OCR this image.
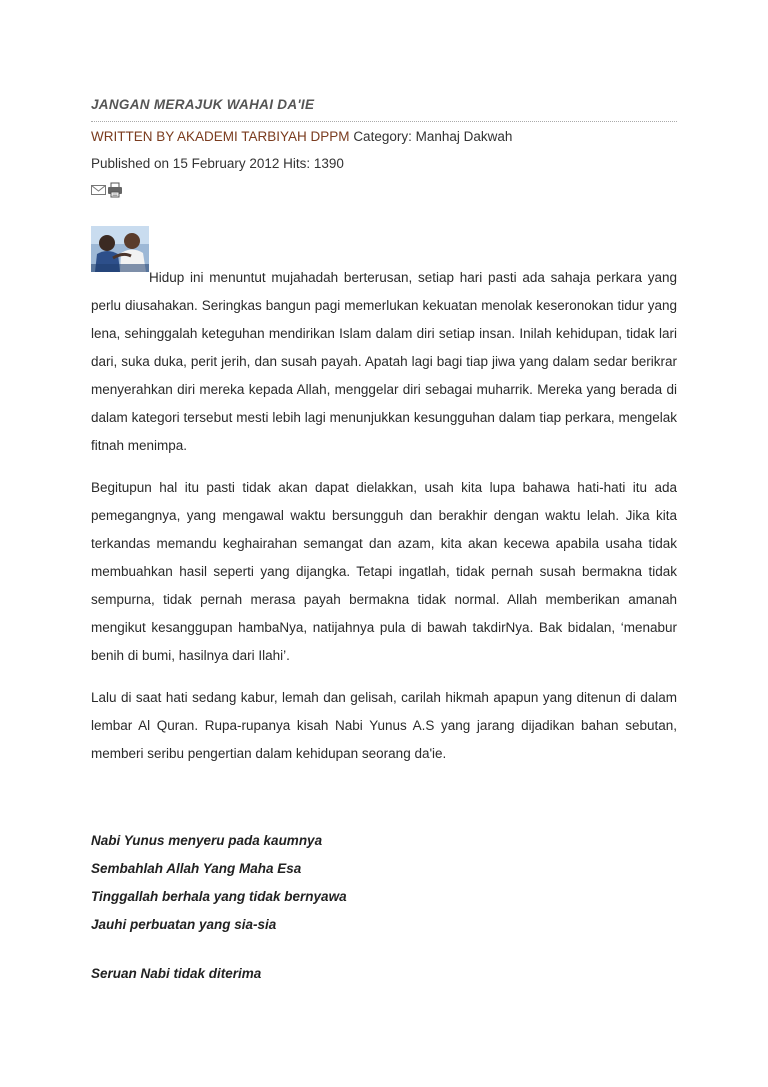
JANGAN MERAJUK WAHAI DA'IE
WRITTEN BY AKADEMI TARBIYAH DPPM Category: Manhaj Dakwah
Published on 15 February 2012 Hits: 1390

Hidup ini menuntut mujahadah berterusan, setiap hari pasti ada sahaja perkara yang perlu diusahakan. Seringkas bangun pagi memerlukan kekuatan menolak keseronokan tidur yang lena, sehinggalah keteguhan mendirikan Islam dalam diri setiap insan. Inilah kehidupan, tidak lari dari, suka duka, perit jerih, dan susah payah. Apatah lagi bagi tiap jiwa yang dalam sedar berikrar menyerahkan diri mereka kepada Allah, menggelar diri sebagai muharrik. Mereka yang berada di dalam kategori tersebut mesti lebih lagi menunjukkan kesungguhan dalam tiap perkara, mengelak fitnah menimpa.

Begitupun hal itu pasti tidak akan dapat dielakkan, usah kita lupa bahawa hati-hati itu ada pemegangnya, yang mengawal waktu bersungguh dan berakhir dengan waktu lelah. Jika kita terkandas memandu keghairahan semangat dan azam, kita akan kecewa apabila usaha tidak membuahkan hasil seperti yang dijangka. Tetapi ingatlah, tidak pernah susah bermakna tidak sempurna, tidak pernah merasa payah bermakna tidak normal. Allah memberikan amanah mengikut kesanggupan hambaNya, natijahnya pula di bawah takdirNya. Bak bidalan, ‘menabur benih di bumi, hasilnya dari Ilahi’.

Lalu di saat hati sedang kabur, lemah dan gelisah, carilah hikmah apapun yang ditenun di dalam lembar Al Quran. Rupa-rupanya kisah Nabi Yunus A.S yang jarang dijadikan bahan sebutan, memberi seribu pengertian dalam kehidupan seorang da'ie.

Nabi Yunus menyeru pada kaumnya
Sembahlah Allah Yang Maha Esa
Tinggallah berhala yang tidak bernyawa
Jauhi perbuatan yang sia-sia
Seruan Nabi tidak diterima
